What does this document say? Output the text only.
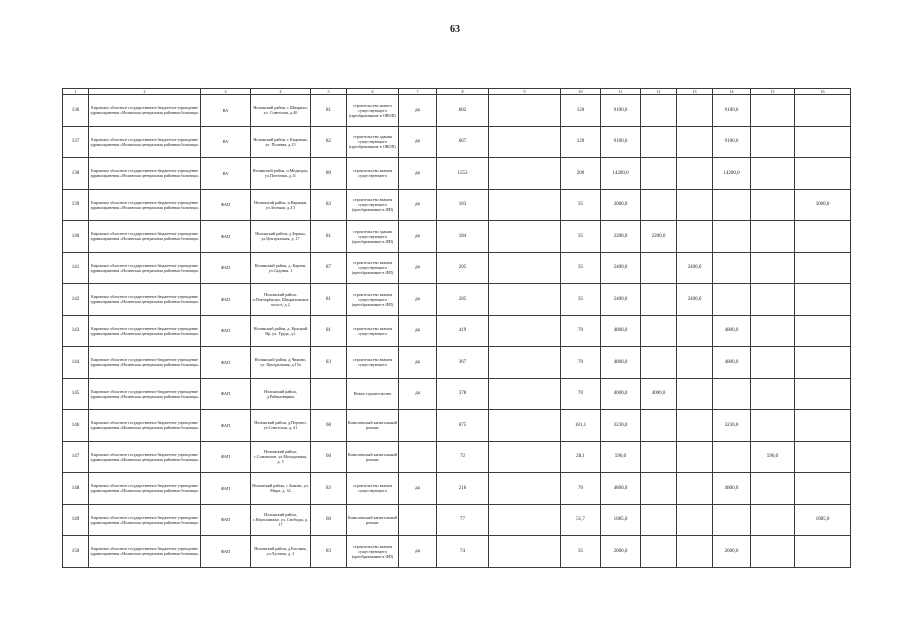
63
1	2	3	4	5	6	7	8	9	10	11	12	13	14	15	16
136	Кировское областное государственное бюджетное учреждение здравоохранения «Нолинская центральная районная больница»	ВА	Нолинский район, с.Шварихи, ул. Советская, д.40	81	строительство нового существующего (преобразование в ОВОП)	да	602		120	9100,0			9100,0		
137	Кировское областное государственное бюджетное учреждение здравоохранения «Нолинская центральная районная больница»	ВА	Нолинский район, с.Кырчаны, ул. Полевая, д.15	82	строительство здания существующего (преобразование в ОВОП)	да	667		120	9100,0			9100,0		
138	Кировское областное государственное бюджетное учреждение здравоохранения «Нолинская центральная районная больница»	ВА	Нолинский район, п.Медведок, ул.Почтовая, д.11	80	строительство взамен существующего	да	1553		200	14200,0			14200,0		
139	Кировское областное государственное бюджетное учреждение здравоохранения «Нолинская центральная районная больница»	ФАП	Нолинский район, п.Варнаки, ул.Зеленая, д.4 5	83	строительство взамен существующего (преобразование в ФП)	да	183		35	3000,0					3000,0
140	Кировское областное государственное бюджетное учреждение здравоохранения «Нолинская центральная районная больница»	ФАП	Нолинский район, д.Зерино, ул.Центральная, д. 17	81	строительство здания существующего (преобразование в ФП)	да	184		35	2200,0	2200,0				
141	Кировское областное государственное бюджетное учреждение здравоохранения «Нолинская центральная районная больница»	ФАП	Нолинский район, д. Карачи, ул.Садовая, 1	87	строительство взамен существующего (преобразование в ФП)	да	205		35	2400,0		2400,0			
142	Кировское областное государственное бюджетное учреждение здравоохранения «Нолинская центральная районная больница»	ФАП	Нолинский район, п.Пчеларёнсцы, Шварихинское шоссе, д.2	81	строительство взамен существующего (преобразование в ФП)	да	285		35	2400,0		2400,0			
143	Кировское областное государственное бюджетное учреждение здравоохранения «Нолинская центральная районная больница»	ФАП	Нолинский район, д. Красный Яр, ул. Труда, д.1	81	строительство взамен существующего	да	419		70	4800,0			4800,0		
144	Кировское областное государственное бюджетное учреждение здравоохранения «Нолинская центральная районная больница»	ФАП	Нолинский район, д.Чижово, ул. Центральная, д.15а	83	строительство взамен существующего	да	367		70	4800,0			4800,0		
145	Кировское областное государственное бюджетное учреждение здравоохранения «Нолинская центральная районная больница»	ФАП	Нолинский район, д.Рябиновщина		Новое строительство	да	378		70	4000,0	4000,0				
146	Кировское областное государственное бюджетное учреждение здравоохранения «Нолинская центральная районная больница»	ФАП	Нолинский район, д.Перевоз, ул.Советская, д. 41	60	Комплексный капитальный ремонт		675		181,1	3230,0			3230,0		
147	Кировское областное государственное бюджетное учреждение здравоохранения «Нолинская центральная районная больница»	ФАП	Нолинский район, с.Сомовские, ул.Молодежная, д. 3	60	Комплексный капитальный ремонт		72		28,1	590,0				590,0	
148	Кировское областное государственное бюджетное учреждение здравоохранения «Нолинская центральная районная больница»	ФАП	Нолинский район, с.Зыково, ул. Мира, д. 32	83	строительство взамен существующего	да	216		70	4800,0			4800,0		
149	Кировское областное государственное бюджетное учреждение здравоохранения «Нолинская центральная районная больница»	ФАП	Нолинский район, с.Верхошижье, ул. Свободы, д. 17	60	Комплексный капитальный ремонт		77		51,7	1085,0					1085,0
150	Кировское областное государственное бюджетное учреждение здравоохранения «Нолинская центральная районная больница»	ФАП	Нолинский район, д.Каслянь, ул.Луговая, д. 2	83	строительство взамен существующего (преобразование в ФП)	да	74		35	2600,0			2600,0		
